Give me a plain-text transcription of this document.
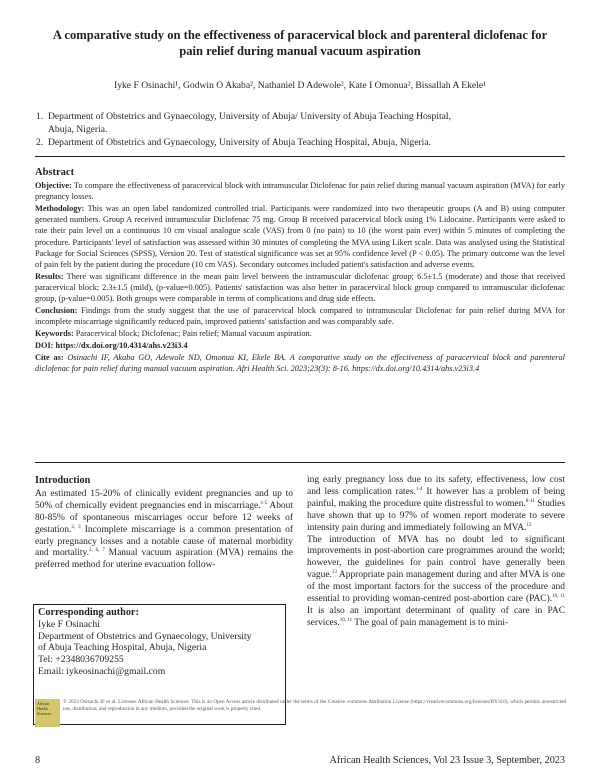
A comparative study on the effectiveness of paracervical block and parenteral diclofenac for pain relief during manual vacuum aspiration
Iyke F Osinachi¹, Godwin O Akaba², Nathaniel D Adewole², Kate I Omonua², Bissallah A Ekele¹
1. Department of Obstetrics and Gynaecology, University of Abuja/ University of Abuja Teaching Hospital,
Abuja, Nigeria.
2. Department of Obstetrics and Gynaecology, University of Abuja Teaching Hospital, Abuja, Nigeria.
Abstract

Objective: To compare the effectiveness of paracervical block with intramuscular Diclofenac for pain relief during manual vacuum aspiration (MVA) for early pregnancy losses.

Methodology: This was an open label randomized controlled trial. Participants were randomized into two therapeutic groups (A and B) using computer generated numbers. Group A received intramuscular Diclofenac 75 mg. Group B received paracervical block using 1% Lidocaine. Participants were asked to rate their pain level on a continuous 10 cm visual analogue scale (VAS) from 0 (no pain) to 10 (the worst pain ever) within 5 minutes of completing the procedure. Participants' level of satisfaction was assessed within 30 minutes of completing the MVA using Likert scale. Data was analysed using the Statistical Package for Social Sciences (SPSS), Version 20. Test of statistical significance was set at 95% confidence level (P < 0.05). The primary outcome was the level of pain felt by the patient during the procedure (10 cm VAS). Secondary outcomes included patient's satisfaction and adverse events.

Results: There was significant difference in the mean pain level between the intramuscular diclofenac group; 6.5±1.5 (moderate) and those that received paracervical block; 2.3±1.5 (mild), (p-value=0.005). Patients' satisfaction was also better in paracervical block group compared to intramuscular diclofenac group, (p-value=0.005). Both groups were comparable in terms of complications and drug side effects.

Conclusion: Findings from the study suggest that the use of paracervical block compared to intramuscular Diclofenac for pain relief during MVA for incomplete miscarriage significantly reduced pain, improved patients' satisfaction and was comparably safe.

Keywords: Paracervical block; Diclofenac; Pain relief; Manual vacuum aspiration.

DOI: https://dx.doi.org/10.4314/ahs.v23i3.4

Cite as: Osinachi IF, Akaba GO, Adewole ND, Omonua KI, Ekele BA. A comparative study on the effectiveness of paracervical block and parenteral diclofenac for pain relief during manual vacuum aspiration. Afri Health Sci. 2023;23(3): 8-16. https://dx.doi.org/10.4314/ahs.v23i3.4

Introduction

An estimated 15-20% of clinically evident pregnancies and up to 50% of chemically evident pregnancies end in miscarriage.$^{1-5}$ About 80-85% of spontaneous miscarriages occur before 12 weeks of gestation.$^{2, 3}$ Incomplete miscarriage is a common presentation of early pregnancy losses and a notable cause of maternal morbidity and mortality.$^{2, 6, 7}$ Manual vacuum aspiration (MVA) remains the preferred method for uterine evacuation follow-

ing early pregnancy loss due to its safety, effectiveness, low cost and less complication rates.$^{1-4}$ It however has a problem of being painful, making the procedure quite distressful to women.$^{8-11}$ Studies have shown that up to 97% of women report moderate to severe intensity pain during and immediately following an MVA.$^{12}$

The introduction of MVA has no doubt led to significant improvements in post-abortion care programmes around the world; however, the guidelines for pain control have generally been vague.$^{13}$ Appropriate pain management during and after MVA is one of the most important factors for the success of the procedure and essential to providing woman-centred post-abortion care (PAC).$^{10, 11}$ It is also an important determinant of quality of care in PAC services.$^{10, 11}$ The goal of pain management is to mini-

Corresponding author:
Iyke F Osinachi
Department of Obstetrics and Gynaecology, University
of Abuja Teaching Hospital, Abuja, Nigeria
Tel: +2348036709255
Email: iykeosinachi@gmail.com
African Health Sciences
© 2023 Osinachi IF et al. Licensee African Health Sciences. This is an Open Access article distributed under the terms of the Creative commons Attribution License (https://creativecommons.org/licenses/BY/4.0), which permits unrestricted use, distribution, and reproduction in any medium, provided the original work is properly cited.
8	African Health Sciences, Vol 23 Issue 3, September, 2023
